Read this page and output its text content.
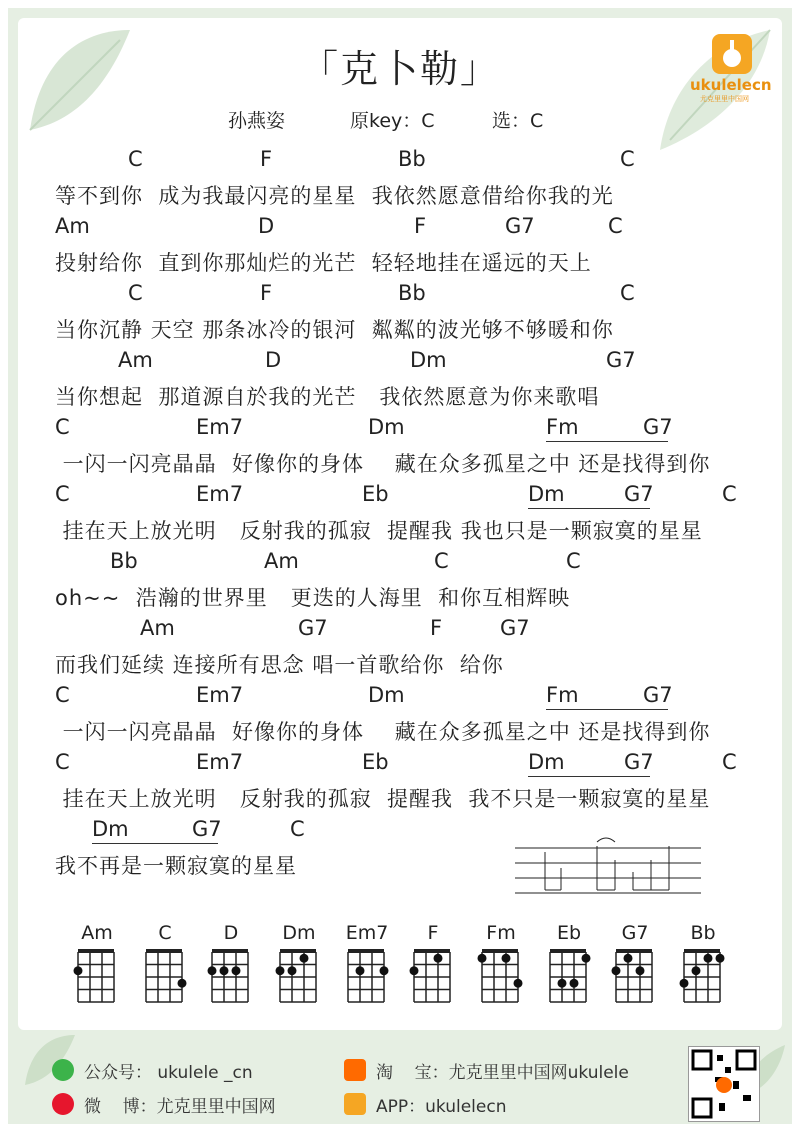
「克卜勒」	ukulelecn
尤克里里中国网
孙燕姿	原key：C	选：C
C	F	Bb	C
等不到你  成为我最闪亮的星星  我依然愿意借给你我的光
Am	D	F	G7	C
投射给你  直到你那灿烂的光芒  轻轻地挂在遥远的天上
C	F	Bb	C
当你沉静 天空 那条冰冷的银河  粼粼的波光够不够暖和你
Am	D	Dm	G7
当你想起  那道源自於我的光芒   我依然愿意为你来歌唱
C	Em7	Dm	Fm	G7
一闪一闪亮晶晶  好像你的身体    藏在众多孤星之中 还是找得到你
C	Em7	Eb	Dm	G7	C
挂在天上放光明   反射我的孤寂  提醒我 我也只是一颗寂寞的星星
Bb	Am	C	C
oh~~  浩瀚的世界里   更迭的人海里  和你互相辉映
Am	G7	F	G7
而我们延续 连接所有思念 唱一首歌给你  给你
C	Em7	Dm	Fm	G7
一闪一闪亮晶晶  好像你的身体    藏在众多孤星之中 还是找得到你
C	Em7	Eb	Dm	G7	C
挂在天上放光明   反射我的孤寂  提醒我  我不只是一颗寂寞的星星
Dm	G7	C
我不再是一颗寂寞的星星
Am	C	D	Dm	Em7	F	Fm	Eb	G7	Bb
公众号： ukulele _cn
微    博：尤克里里中国网
淘    宝：尤克里里中国网ukulele
APP：ukulelecn
